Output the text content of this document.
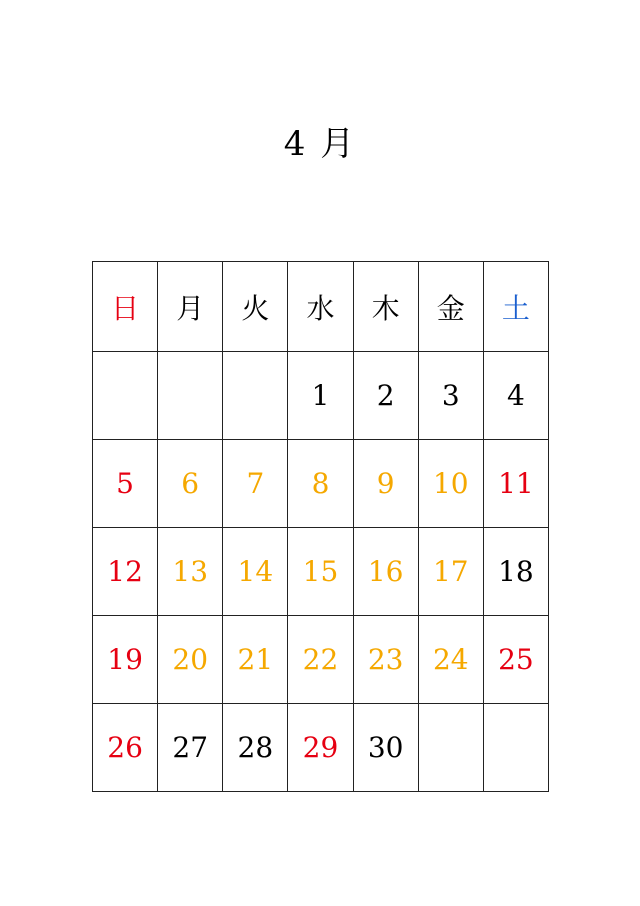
4 月
日	月	火	水	木	金	土
			1	2	3	4
5	6	7	8	9	10	11
12	13	14	15	16	17	18
19	20	21	22	23	24	25
26	27	28	29	30		
